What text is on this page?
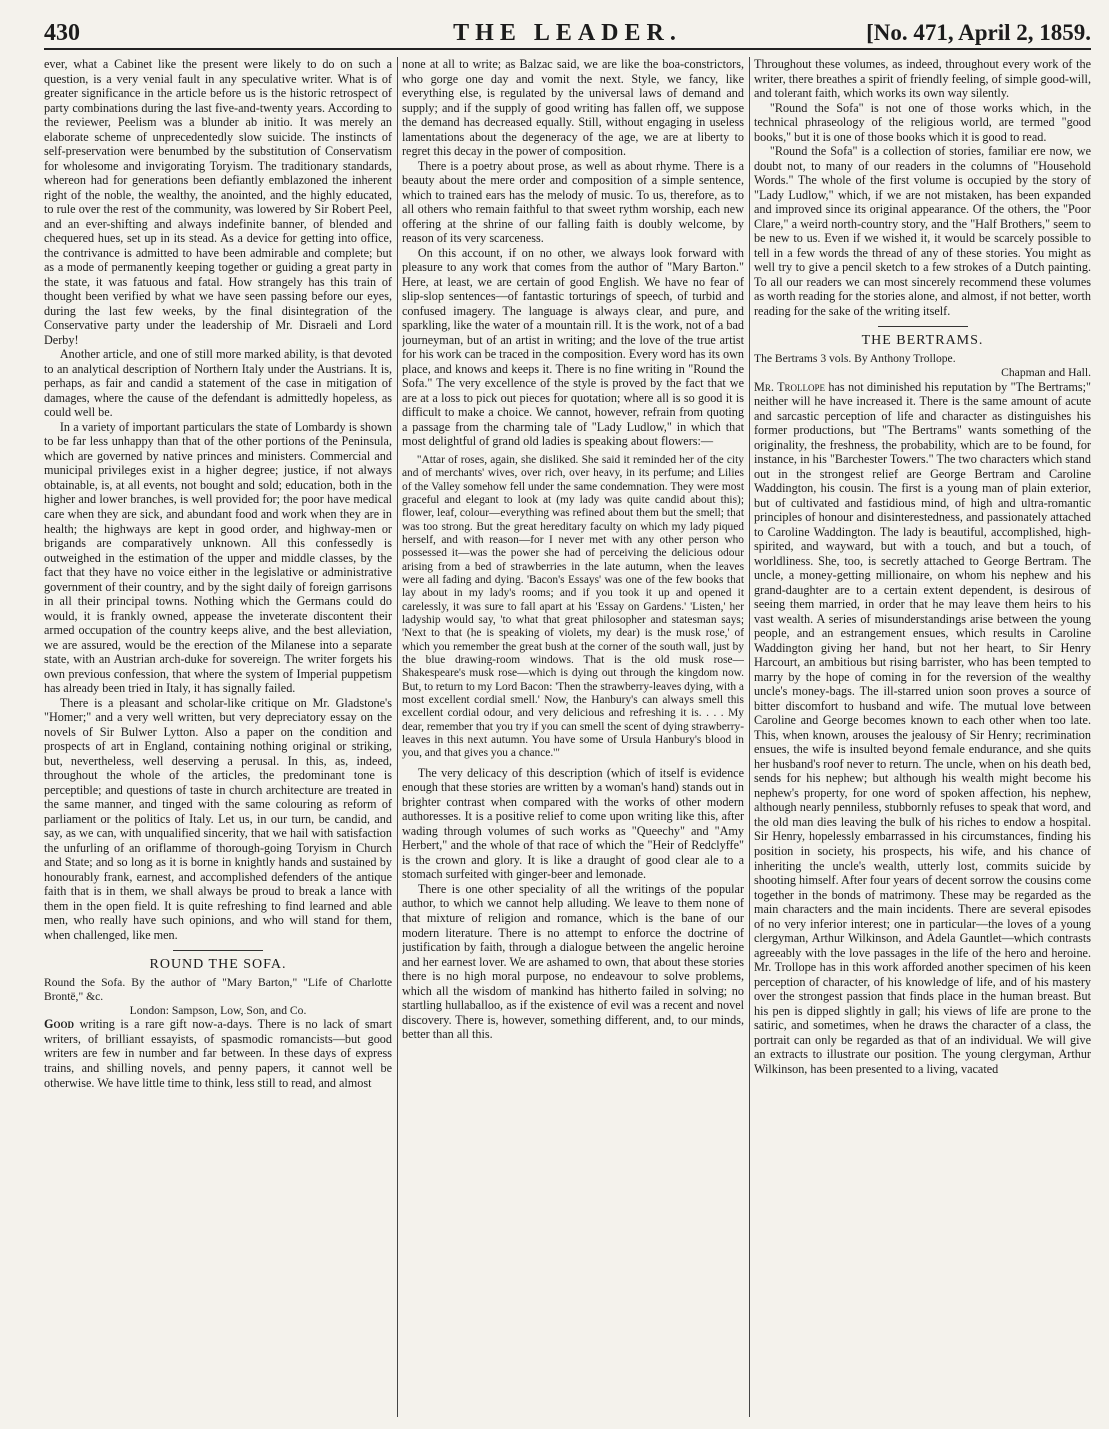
430	THE LEADER.	[No. 471, April 2, 1859.

ever, what a Cabinet like the present were likely to do on such a question, is a very venial fault in any speculative writer. What is of greater significance in the article before us is the historic retrospect of party combinations during the last five-and-twenty years. According to the reviewer, Peelism was a blunder ab initio. It was merely an elaborate scheme of unprecedentedly slow suicide. The instincts of self-preservation were benumbed by the substitution of Conservatism for wholesome and invigorating Toryism. The traditionary standards, whereon had for generations been defiantly emblazoned the inherent right of the noble, the wealthy, the anointed, and the highly educated, to rule over the rest of the community, was lowered by Sir Robert Peel, and an ever-shifting and always indefinite banner, of blended and chequered hues, set up in its stead. As a device for getting into office, the contrivance is admitted to have been admirable and complete; but as a mode of permanently keeping together or guiding a great party in the state, it was fatuous and fatal. How strangely has this train of thought been verified by what we have seen passing before our eyes, during the last few weeks, by the final disintegration of the Conservative party under the leadership of Mr. Disraeli and Lord Derby!

Another article, and one of still more marked ability, is that devoted to an analytical description of Northern Italy under the Austrians. It is, perhaps, as fair and candid a statement of the case in mitigation of damages, where the cause of the defendant is admittedly hopeless, as could well be.

In a variety of important particulars the state of Lombardy is shown to be far less unhappy than that of the other portions of the Peninsula, which are governed by native princes and ministers. Commercial and municipal privileges exist in a higher degree; justice, if not always obtainable, is, at all events, not bought and sold; education, both in the higher and lower branches, is well provided for; the poor have medical care when they are sick, and abundant food and work when they are in health; the highways are kept in good order, and highway-men or brigands are comparatively unknown. All this confessedly is outweighed in the estimation of the upper and middle classes, by the fact that they have no voice either in the legislative or administrative government of their country, and by the sight daily of foreign garrisons in all their principal towns. Nothing which the Germans could do would, it is frankly owned, appease the inveterate discontent their armed occupation of the country keeps alive, and the best alleviation, we are assured, would be the erection of the Milanese into a separate state, with an Austrian arch-duke for sovereign. The writer forgets his own previous confession, that where the system of Imperial puppetism has already been tried in Italy, it has signally failed.

There is a pleasant and scholar-like critique on Mr. Gladstone's "Homer;" and a very well written, but very depreciatory essay on the novels of Sir Bulwer Lytton. Also a paper on the condition and prospects of art in England, containing nothing original or striking, but, nevertheless, well deserving a perusal. In this, as, indeed, throughout the whole of the articles, the predominant tone is perceptible; and questions of taste in church architecture are treated in the same manner, and tinged with the same colouring as reform of parliament or the politics of Italy. Let us, in our turn, be candid, and say, as we can, with unqualified sincerity, that we hail with satisfaction the unfurling of an oriflamme of thorough-going Toryism in Church and State; and so long as it is borne in knightly hands and sustained by honourably frank, earnest, and accomplished defenders of the antique faith that is in them, we shall always be proud to break a lance with them in the open field. It is quite refreshing to find learned and able men, who really have such opinions, and who will stand for them, when challenged, like men.

ROUND THE SOFA.

Round the Sofa. By the author of "Mary Barton," "Life of Charlotte Brontë," &c.

London: Sampson, Low, Son, and Co.

Good writing is a rare gift now-a-days. There is no lack of smart writers, of brilliant essayists, of spasmodic romancists—but good writers are few in number and far between. In these days of express trains, and shilling novels, and penny papers, it cannot well be otherwise. We have little time to think, less still to read, and almost

none at all to write; as Balzac said, we are like the boa-constrictors, who gorge one day and vomit the next. Style, we fancy, like everything else, is regulated by the universal laws of demand and supply; and if the supply of good writing has fallen off, we suppose the demand has decreased equally. Still, without engaging in useless lamentations about the degeneracy of the age, we are at liberty to regret this decay in the power of composition.

There is a poetry about prose, as well as about rhyme. There is a beauty about the mere order and composition of a simple sentence, which to trained ears has the melody of music. To us, therefore, as to all others who remain faithful to that sweet rythm worship, each new offering at the shrine of our falling faith is doubly welcome, by reason of its very scarceness.

On this account, if on no other, we always look forward with pleasure to any work that comes from the author of "Mary Barton." Here, at least, we are certain of good English. We have no fear of slip-slop sentences—of fantastic torturings of speech, of turbid and confused imagery. The language is always clear, and pure, and sparkling, like the water of a mountain rill. It is the work, not of a bad journeyman, but of an artist in writing; and the love of the true artist for his work can be traced in the composition. Every word has its own place, and knows and keeps it. There is no fine writing in "Round the Sofa." The very excellence of the style is proved by the fact that we are at a loss to pick out pieces for quotation; where all is so good it is difficult to make a choice. We cannot, however, refrain from quoting a passage from the charming tale of "Lady Ludlow," in which that most delightful of grand old ladies is speaking about flowers:—

"Attar of roses, again, she disliked. She said it reminded her of the city and of merchants' wives, over rich, over heavy, in its perfume; and Lilies of the Valley somehow fell under the same condemnation. They were most graceful and elegant to look at (my lady was quite candid about this); flower, leaf, colour—everything was refined about them but the smell; that was too strong. But the great hereditary faculty on which my lady piqued herself, and with reason—for I never met with any other person who possessed it—was the power she had of perceiving the delicious odour arising from a bed of strawberries in the late autumn, when the leaves were all fading and dying. 'Bacon's Essays' was one of the few books that lay about in my lady's rooms; and if you took it up and opened it carelessly, it was sure to fall apart at his 'Essay on Gardens.' 'Listen,' her ladyship would say, 'to what that great philosopher and statesman says; 'Next to that (he is speaking of violets, my dear) is the musk rose,' of which you remember the great bush at the corner of the south wall, just by the blue drawing-room windows. That is the old musk rose—Shakespeare's musk rose—which is dying out through the kingdom now. But, to return to my Lord Bacon: 'Then the strawberry-leaves dying, with a most excellent cordial smell.' Now, the Hanbury's can always smell this excellent cordial odour, and very delicious and refreshing it is. . . . My dear, remember that you try if you can smell the scent of dying strawberry-leaves in this next autumn. You have some of Ursula Hanbury's blood in you, and that gives you a chance.'"

The very delicacy of this description (which of itself is evidence enough that these stories are written by a woman's hand) stands out in brighter contrast when compared with the works of other modern authoresses. It is a positive relief to come upon writing like this, after wading through volumes of such works as "Queechy" and "Amy Herbert," and the whole of that race of which the "Heir of Redclyffe" is the crown and glory. It is like a draught of good clear ale to a stomach surfeited with ginger-beer and lemonade.

There is one other speciality of all the writings of the popular author, to which we cannot help alluding. We leave to them none of that mixture of religion and romance, which is the bane of our modern literature. There is no attempt to enforce the doctrine of justification by faith, through a dialogue between the angelic heroine and her earnest lover. We are ashamed to own, that about these stories there is no high moral purpose, no endeavour to solve problems, which all the wisdom of mankind has hitherto failed in solving; no startling hullaballoo, as if the existence of evil was a recent and novel discovery. There is, however, something different, and, to our minds, better than all this.

Throughout these volumes, as indeed, throughout every work of the writer, there breathes a spirit of friendly feeling, of simple good-will, and tolerant faith, which works its own way silently.

"Round the Sofa" is not one of those works which, in the technical phraseology of the religious world, are termed "good books," but it is one of those books which it is good to read.

"Round the Sofa" is a collection of stories, familiar ere now, we doubt not, to many of our readers in the columns of "Household Words." The whole of the first volume is occupied by the story of "Lady Ludlow," which, if we are not mistaken, has been expanded and improved since its original appearance. Of the others, the "Poor Clare," a weird north-country story, and the "Half Brothers," seem to be new to us. Even if we wished it, it would be scarcely possible to tell in a few words the thread of any of these stories. You might as well try to give a pencil sketch to a few strokes of a Dutch painting. To all our readers we can most sincerely recommend these volumes as worth reading for the stories alone, and almost, if not better, worth reading for the sake of the writing itself.

THE BERTRAMS.

The Bertrams 3 vols. By Anthony Trollope.

Chapman and Hall.

Mr. Trollope has not diminished his reputation by "The Bertrams;" neither will he have increased it. There is the same amount of acute and sarcastic perception of life and character as distinguishes his former productions, but "The Bertrams" wants something of the originality, the freshness, the probability, which are to be found, for instance, in his "Barchester Towers." The two characters which stand out in the strongest relief are George Bertram and Caroline Waddington, his cousin. The first is a young man of plain exterior, but of cultivated and fastidious mind, of high and ultra-romantic principles of honour and disinterestedness, and passionately attached to Caroline Waddington. The lady is beautiful, accomplished, high-spirited, and wayward, but with a touch, and but a touch, of worldliness. She, too, is secretly attached to George Bertram. The uncle, a money-getting millionaire, on whom his nephew and his grand-daughter are to a certain extent dependent, is desirous of seeing them married, in order that he may leave them heirs to his vast wealth. A series of misunderstandings arise between the young people, and an estrangement ensues, which results in Caroline Waddington giving her hand, but not her heart, to Sir Henry Harcourt, an ambitious but rising barrister, who has been tempted to marry by the hope of coming in for the reversion of the wealthy uncle's money-bags. The ill-starred union soon proves a source of bitter discomfort to husband and wife. The mutual love between Caroline and George becomes known to each other when too late. This, when known, arouses the jealousy of Sir Henry; recrimination ensues, the wife is insulted beyond female endurance, and she quits her husband's roof never to return. The uncle, when on his death bed, sends for his nephew; but although his wealth might become his nephew's property, for one word of spoken affection, his nephew, although nearly penniless, stubbornly refuses to speak that word, and the old man dies leaving the bulk of his riches to endow a hospital. Sir Henry, hopelessly embarrassed in his circumstances, finding his position in society, his prospects, his wife, and his chance of inheriting the uncle's wealth, utterly lost, commits suicide by shooting himself. After four years of decent sorrow the cousins come together in the bonds of matrimony. These may be regarded as the main characters and the main incidents. There are several episodes of no very inferior interest; one in particular—the loves of a young clergyman, Arthur Wilkinson, and Adela Gauntlet—which contrasts agreeably with the love passages in the life of the hero and heroine. Mr. Trollope has in this work afforded another specimen of his keen perception of character, of his knowledge of life, and of his mastery over the strongest passion that finds place in the human breast. But his pen is dipped slightly in gall; his views of life are prone to the satiric, and sometimes, when he draws the character of a class, the portrait can only be regarded as that of an individual. We will give an extracts to illustrate our position. The young clergyman, Arthur Wilkinson, has been presented to a living, vacated
